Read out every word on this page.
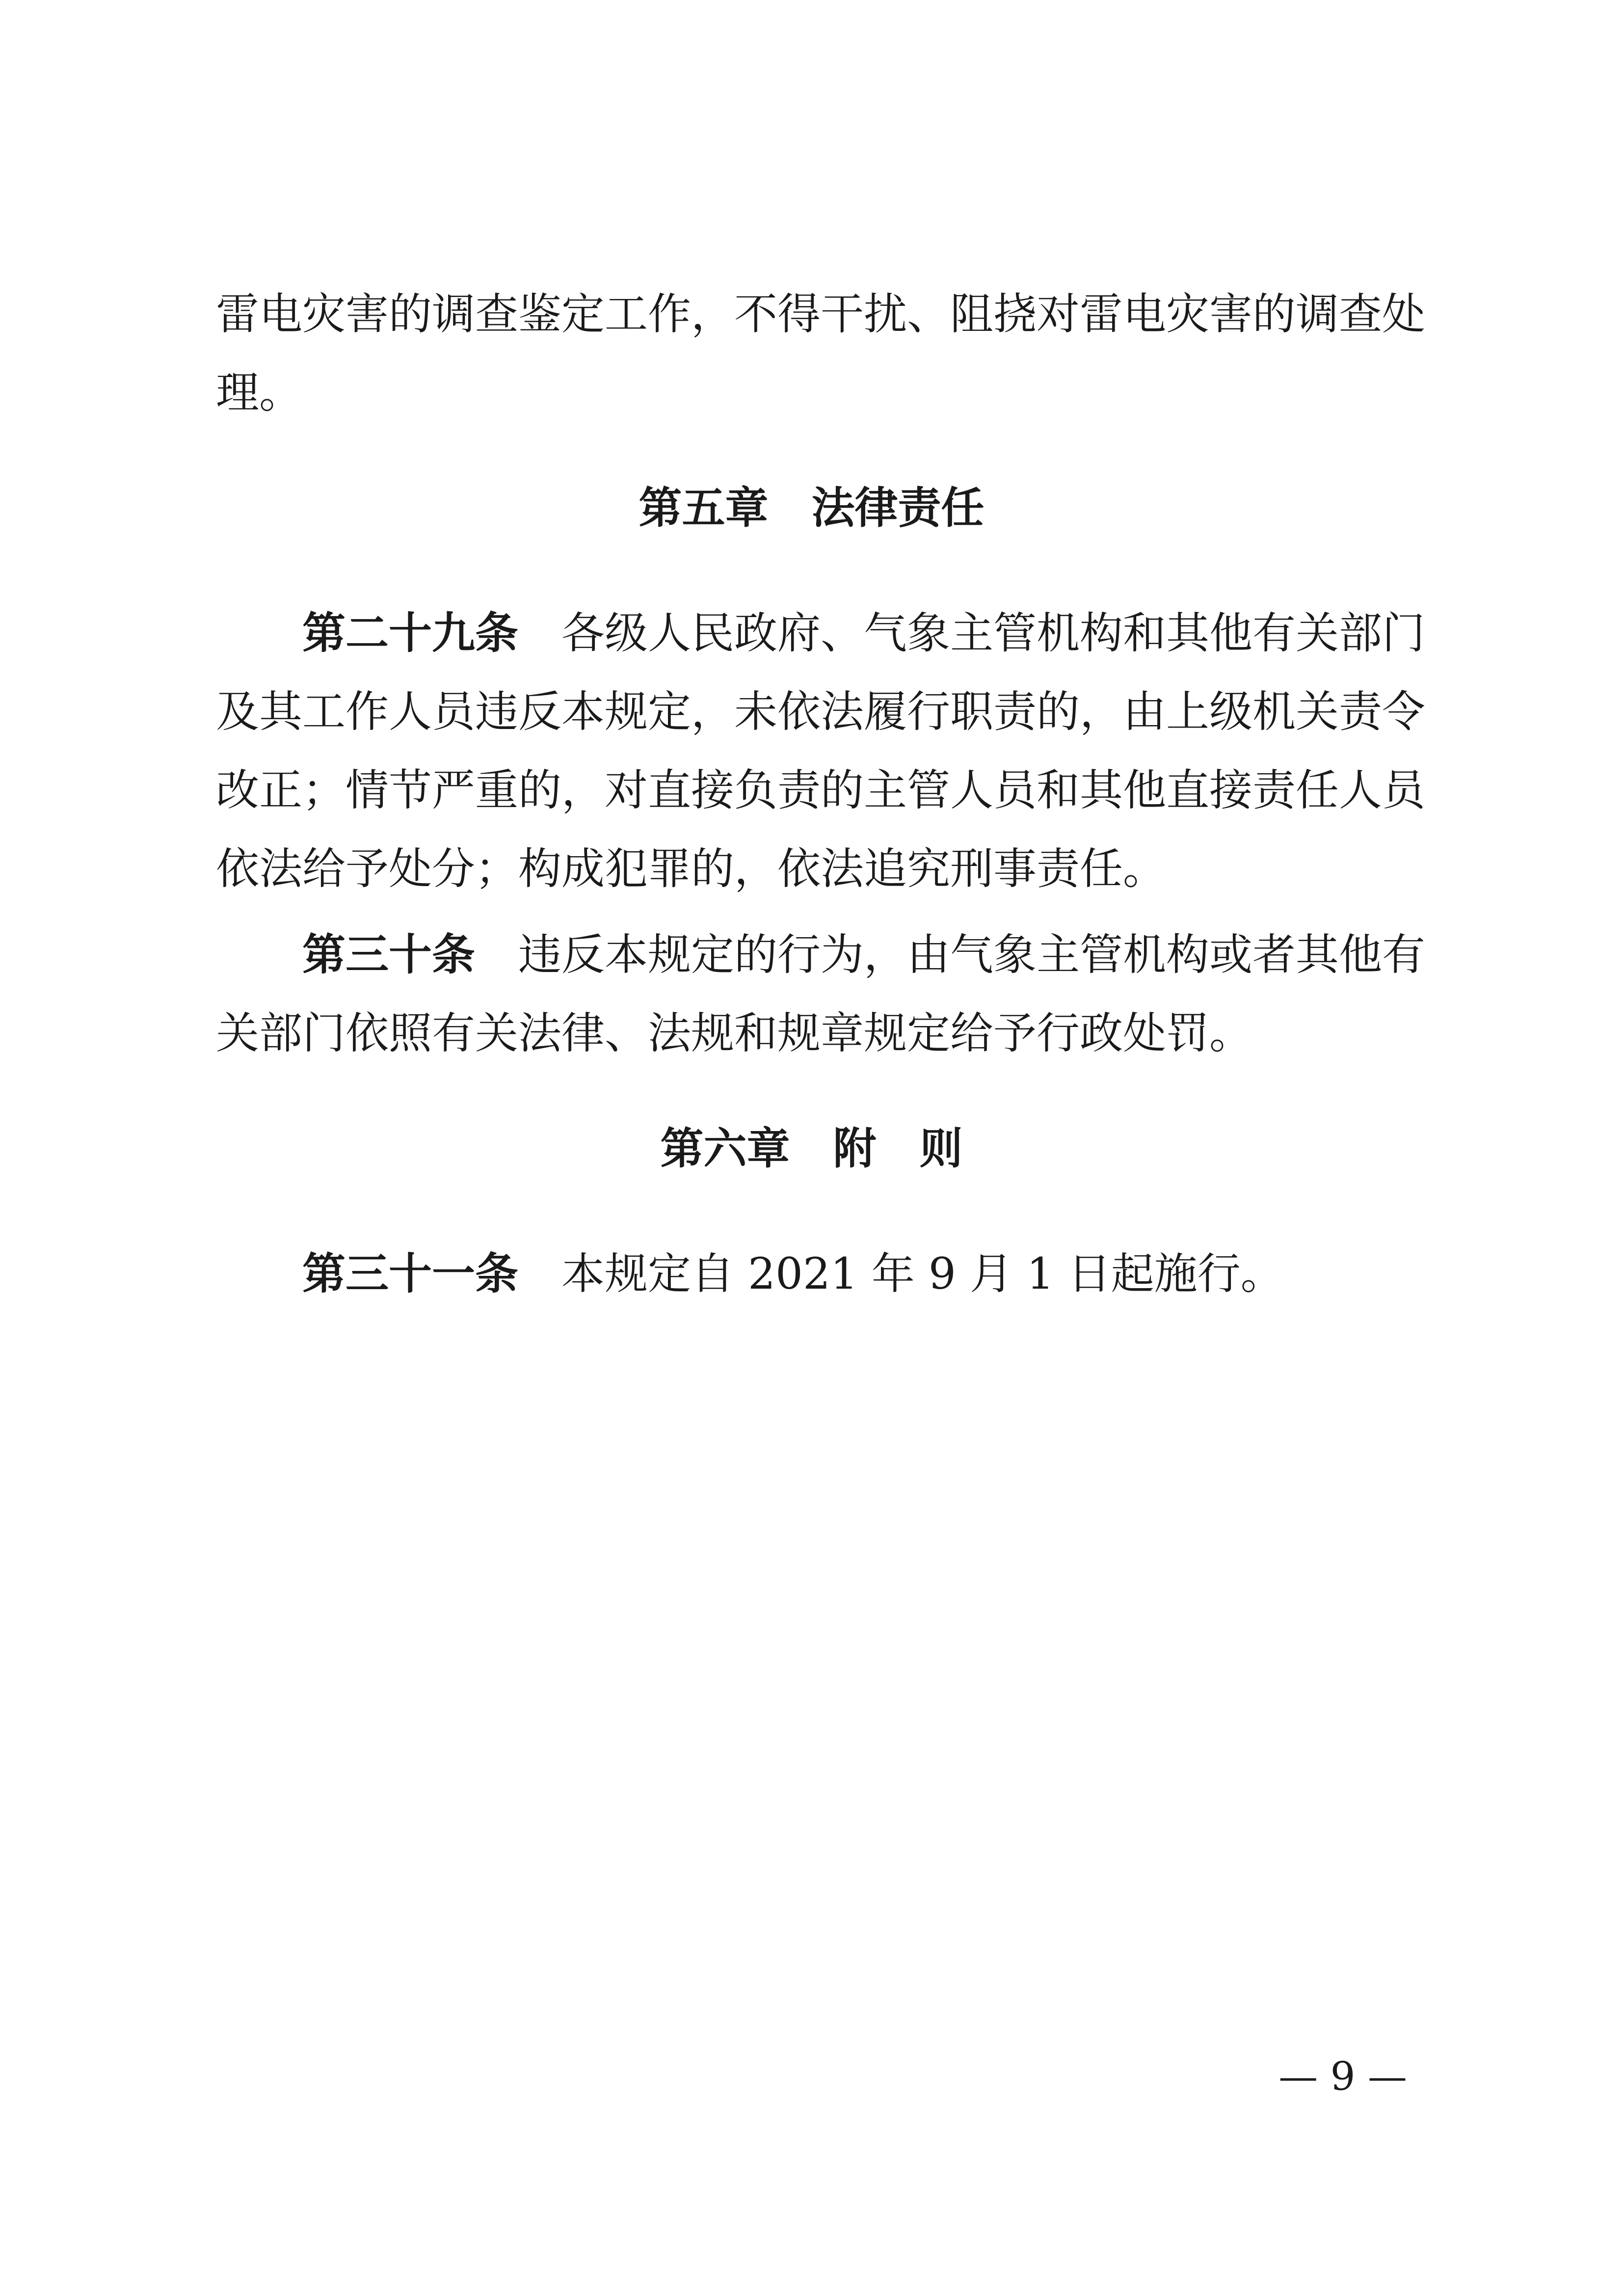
雷电灾害的调查鉴定工作，不得干扰、阻挠对雷电灾害的调查处
理。
第五章　法律责任
第二十九条 各级人民政府、气象主管机构和其他有关部门
及其工作人员违反本规定，未依法履行职责的，由上级机关责令
改正；情节严重的，对直接负责的主管人员和其他直接责任人员
依法给予处分；构成犯罪的，依法追究刑事责任。
第三十条 违反本规定的行为，由气象主管机构或者其他有
关部门依照有关法律、法规和规章规定给予行政处罚。
第六章　附　则
第三十一条 本规定自 2021 年 9 月 1 日起施行。
— 9 —
